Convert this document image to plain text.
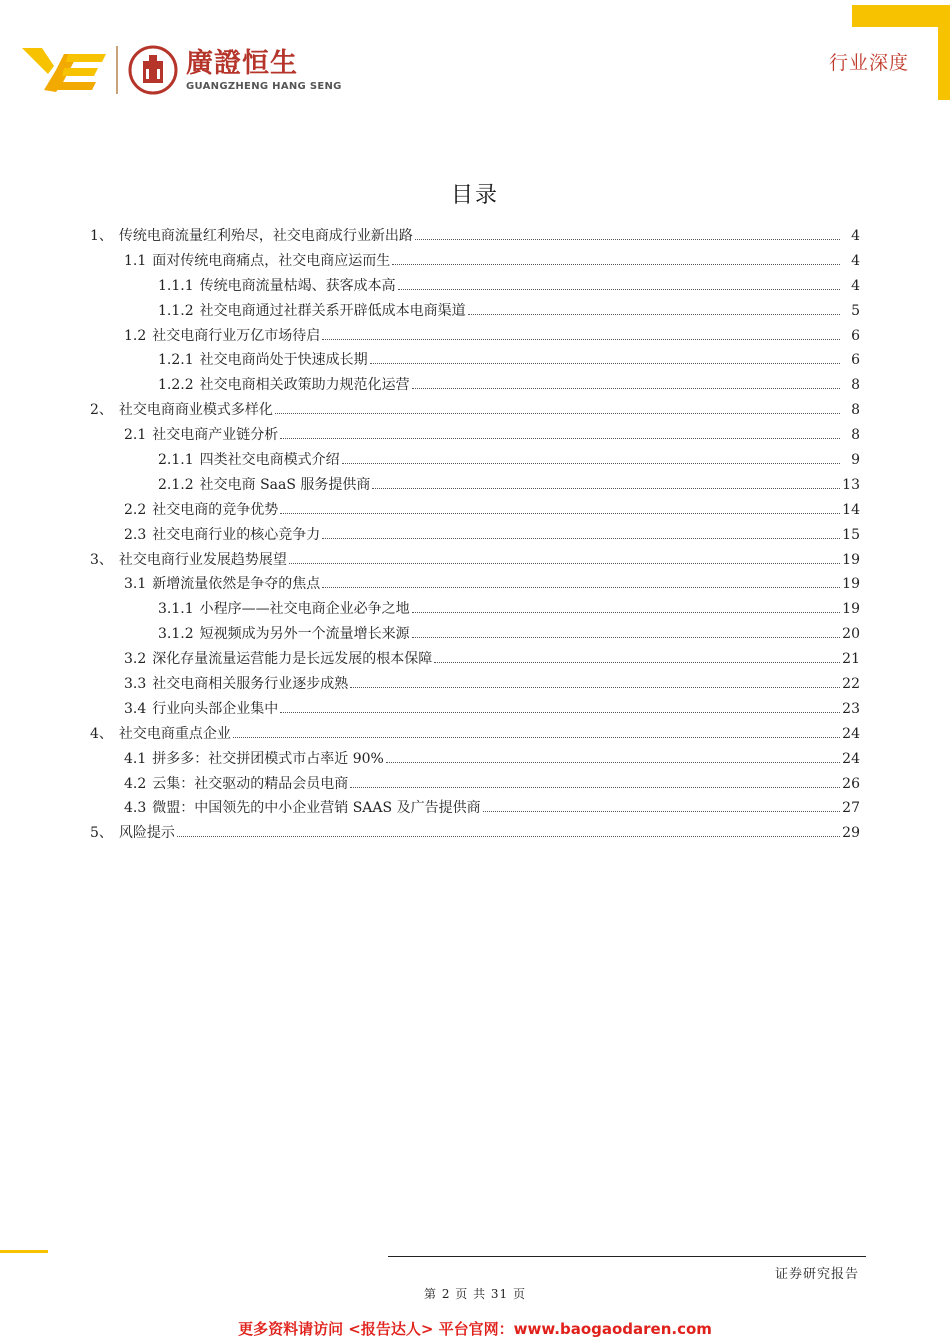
廣證恒生
GUANGZHENG HANG SENG
行业深度
目录
1、 传统电商流量红利殆尽，社交电商成行业新出路	4
1.1 面对传统电商痛点，社交电商应运而生	4
1.1.1 传统电商流量枯竭、获客成本高	4
1.1.2 社交电商通过社群关系开辟低成本电商渠道	5
1.2 社交电商行业万亿市场待启	6
1.2.1 社交电商尚处于快速成长期	6
1.2.2 社交电商相关政策助力规范化运营	8
2、 社交电商商业模式多样化	8
2.1 社交电商产业链分析	8
2.1.1 四类社交电商模式介绍	9
2.1.2 社交电商 SaaS 服务提供商	13
2.2 社交电商的竞争优势	14
2.3 社交电商行业的核心竞争力	15
3、 社交电商行业发展趋势展望	19
3.1 新增流量依然是争夺的焦点	19
3.1.1 小程序——社交电商企业必争之地	19
3.1.2 短视频成为另外一个流量增长来源	20
3.2 深化存量流量运营能力是长远发展的根本保障	21
3.3 社交电商相关服务行业逐步成熟	22
3.4 行业向头部企业集中	23
4、 社交电商重点企业	24
4.1 拼多多：社交拼团模式市占率近 90%	24
4.2 云集：社交驱动的精品会员电商	26
4.3 微盟：中国领先的中小企业营销 SAAS 及广告提供商	27
5、 风险提示	29
证券研究报告
第 2 页 共 31 页
更多资料请访问 <报告达人> 平台官网：www.baogaodaren.com
